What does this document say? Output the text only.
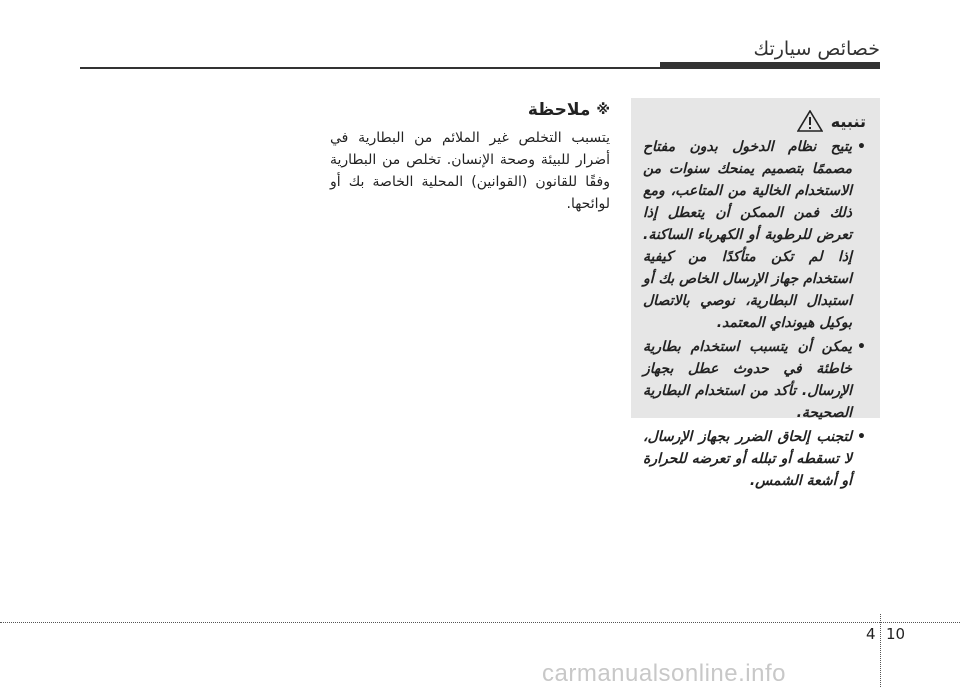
خصائص سيارتك
※
ملاحظة
يتسبب التخلص غير الملائم من البطارية في أضرار للبيئة وصحة الإنسان. تخلص من البطارية وفقًا للقانون (القوانين) المحلية الخاصة بك أو لوائحها.
تنبيه
• يتيح نظام الدخول بدون مفتاح مصممًا بتصميم يمنحك سنوات من الاستخدام الخالية من المتاعب، ومع ذلك فمن الممكن أن يتعطل إذا تعرض للرطوبة أو الكهرباء الساكنة. إذا لم تكن متأكدًا من كيفية استخدام جهاز الإرسال الخاص بك أو استبدال البطارية، نوصي بالاتصال بوكيل هيونداي المعتمد.
• يمكن أن يتسبب استخدام بطارية خاطئة في حدوث عطل بجهاز الإرسال. تأكد من استخدام البطارية الصحيحة.
• لتجنب إلحاق الضرر بجهاز الإرسال، لا تسقطه أو تبلله أو تعرضه للحرارة أو أشعة الشمس.
4 10
carmanualsonline.info
